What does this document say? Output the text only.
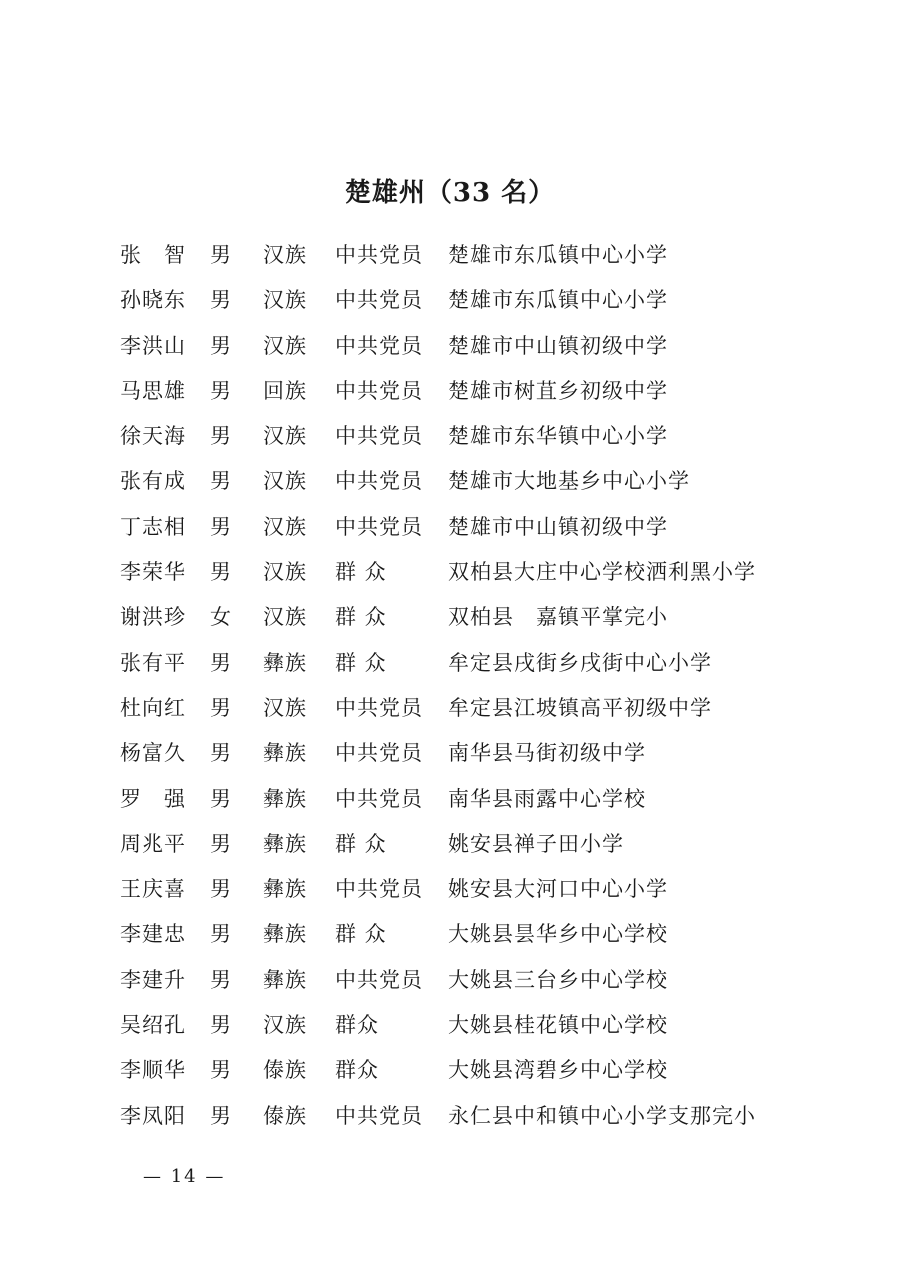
楚雄州（33 名）
张　智 男 汉族 中共党员 楚雄市东瓜镇中心小学
孙晓东 男 汉族 中共党员 楚雄市东瓜镇中心小学
李洪山 男 汉族 中共党员 楚雄市中山镇初级中学
马思雄 男 回族 中共党员 楚雄市树苴乡初级中学
徐天海 男 汉族 中共党员 楚雄市东华镇中心小学
张有成 男 汉族 中共党员 楚雄市大地基乡中心小学
丁志相 男 汉族 中共党员 楚雄市中山镇初级中学
李荣华 男 汉族 群 众	双柏县大庄中心学校洒利黑小学
谢洪珍 女 汉族 群 众	双柏县　嘉镇平掌完小
张有平 男 彝族 群 众	牟定县戌街乡戌街中心小学
杜向红 男 汉族 中共党员 牟定县江坡镇高平初级中学
杨富久 男 彝族 中共党员 南华县马街初级中学
罗　强 男 彝族 中共党员 南华县雨露中心学校
周兆平 男 彝族 群 众	姚安县禅子田小学
王庆喜 男 彝族 中共党员 姚安县大河口中心小学
李建忠 男 彝族 群 众	大姚县昙华乡中心学校
李建升 男 彝族 中共党员 大姚县三台乡中心学校
吴绍孔 男 汉族 群众	大姚县桂花镇中心学校
李顺华 男 傣族 群众	大姚县湾碧乡中心学校
李凤阳 男 傣族 中共党员 永仁县中和镇中心小学支那完小
— 14 —
